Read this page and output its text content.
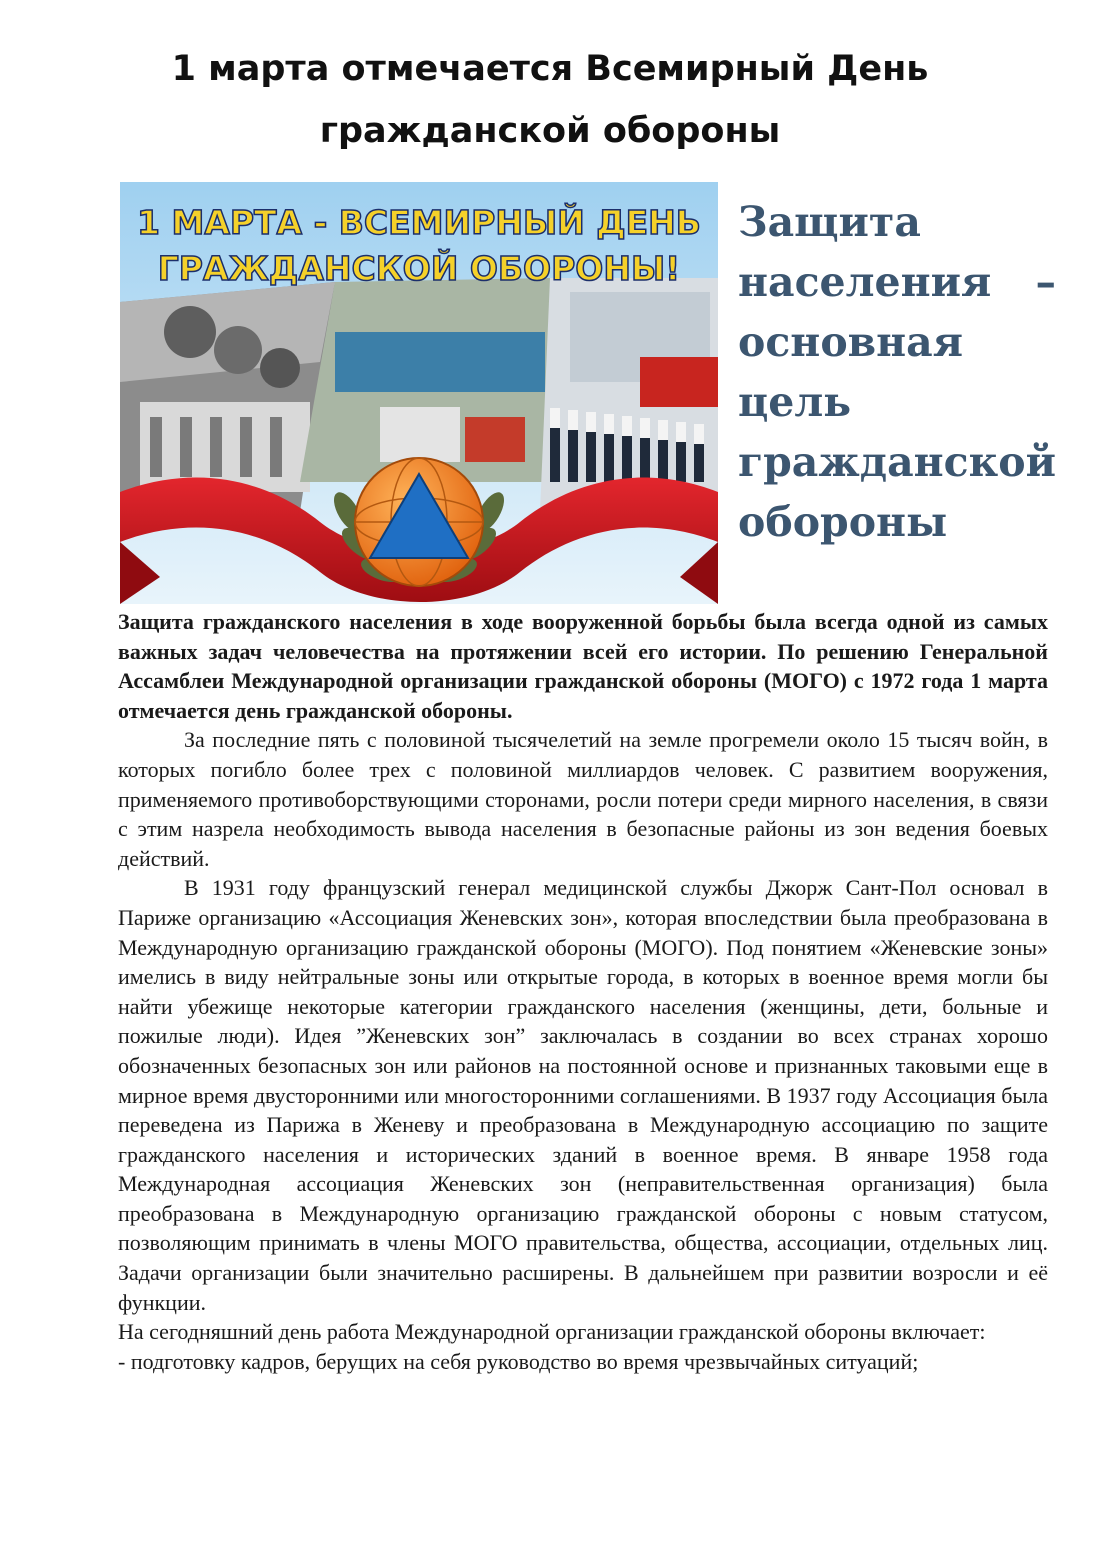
1 марта отмечается Всемирный День
гражданской обороны
1 МАРТА - ВСЕМИРНЫЙ ДЕНЬ
ГРАЖДАНСКОЙ ОБОРОНЫ!
Защита
населения –
основная
цель
гражданской
обороны

Защита гражданского населения в ходе вооруженной борьбы была всегда одной из самых важных задач человечества на протяжении всей его истории. По решению Генеральной Ассамблеи Международной организации гражданской обороны (МОГО) с 1972 года 1 марта отмечается день гражданской обороны.

За последние пять с половиной тысячелетий на земле прогремели около 15 тысяч войн, в которых погибло более трех с половиной миллиардов человек. С развитием вооружения, применяемого противоборствующими сторонами, росли потери среди мирного населения, в связи с этим назрела необходимость вывода населения в безопасные районы из зон ведения боевых действий.

В 1931 году французский генерал медицинской службы Джорж Сант-Пол основал в Париже организацию «Ассоциация Женевских зон», которая впоследствии была преобразована в Международную организацию гражданской обороны (МОГО). Под понятием «Женевские зоны» имелись в виду нейтральные зоны или открытые города, в которых в военное время могли бы найти убежище некоторые категории гражданского населения (женщины, дети, больные и пожилые люди). Идея ”Женевских зон” заключалась в создании во всех странах хорошо обозначенных безопасных зон или районов на постоянной основе и признанных таковыми еще в мирное время двусторонними или многосторонними соглашениями. В 1937 году Ассоциация была переведена из Парижа в Женеву и преобразована в Международную ассоциацию по защите гражданского населения и исторических зданий в военное время. В январе 1958 года Международная ассоциация Женевских зон (неправительственная организация) была преобразована в Международную организацию гражданской обороны с новым статусом, позволяющим принимать в члены МОГО правительства, общества, ассоциации, отдельных лиц. Задачи организации были значительно расширены. В дальнейшем при развитии возросли и её функции.

На сегодняшний день работа Международной организации гражданской обороны включает:

- подготовку кадров, берущих на себя руководство во время чрезвычайных ситуаций;
